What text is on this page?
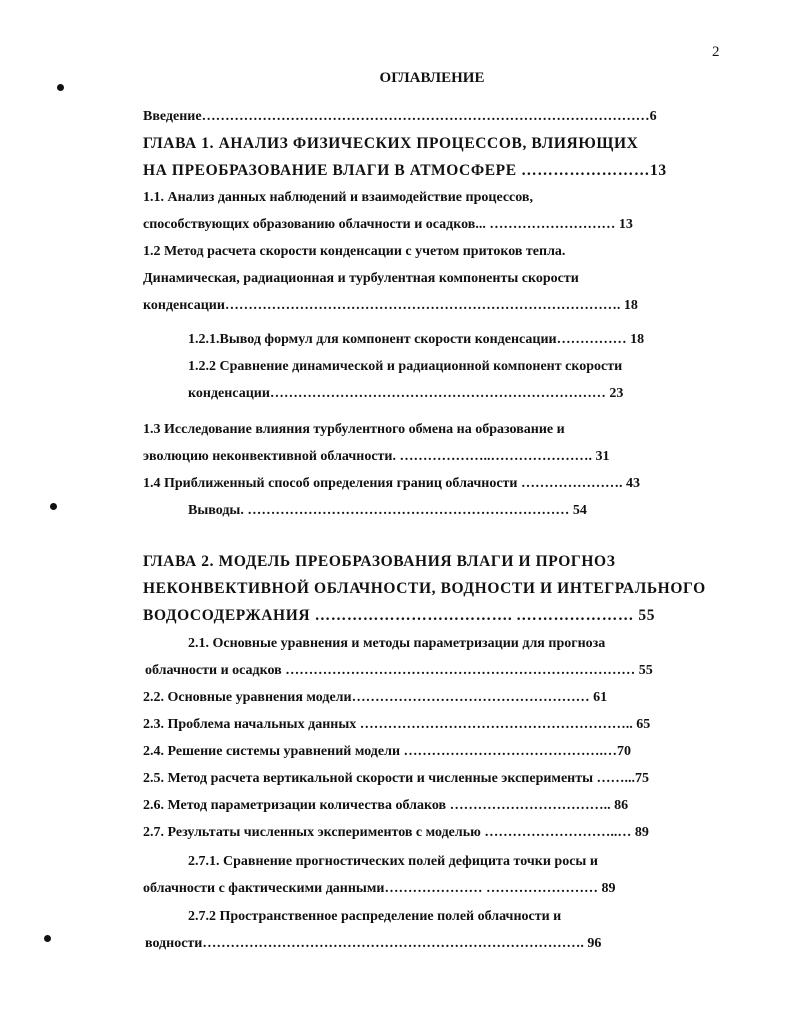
2
ОГЛАВЛЕНИЕ
Введение……………………………………………………………………………………6
ГЛАВА 1. АНАЛИЗ ФИЗИЧЕСКИХ ПРОЦЕССОВ, ВЛИЯЮЩИХ
НА ПРЕОБРАЗОВАНИЕ ВЛАГИ В АТМОСФЕРЕ ……………………13
1.1. Анализ данных наблюдений и взаимодействие процессов,
способствующих образованию облачности и осадков... ……………………… 13
1.2 Метод расчета скорости конденсации с учетом притоков тепла.
Динамическая, радиационная и турбулентная компоненты скорости
конденсации…………………………………………………………………………. 18
1.2.1.Вывод формул для компонент скорости конденсации…………… 18
1.2.2 Сравнение динамической и радиационной компонент скорости
конденсации……………………………………………………………… 23
1.3 Исследование влияния турбулентного обмена на образование и
эволюцию неконвективной облачности. ………………..…………………. 31
1.4 Приближенный способ определения границ облачности …………………. 43
Выводы. …………………………………………………………… 54
ГЛАВА 2. МОДЕЛЬ ПРЕОБРАЗОВАНИЯ ВЛАГИ И ПРОГНОЗ
НЕКОНВЕКТИВНОЙ ОБЛАЧНОСТИ, ВОДНОСТИ И ИНТЕГРАЛЬНОГО
ВОДОСОДЕРЖАНИЯ ………………………………. .………………… 55
2.1. Основные уравнения и методы параметризации для прогноза
облачности и осадков ………………………………………………………………… 55
2.2. Основные уравнения модели…………………………………………… 61
2.3. Проблема начальных данных ………………………………………………….. 65
2.4. Решение системы уравнений модели …………………………………….…70
2.5. Метод расчета вертикальной скорости и численные эксперименты ……...75
2.6. Метод параметризации количества облаков …………………………….. 86
2.7. Результаты численных экспериментов с моделью ………………………..… 89
2.7.1. Сравнение прогностических полей дефицита точки росы и
облачности с фактическими данными………………… …………………… 89
2.7.2 Пространственное распределение полей облачности и
водности………………………………………………………………………. 96
